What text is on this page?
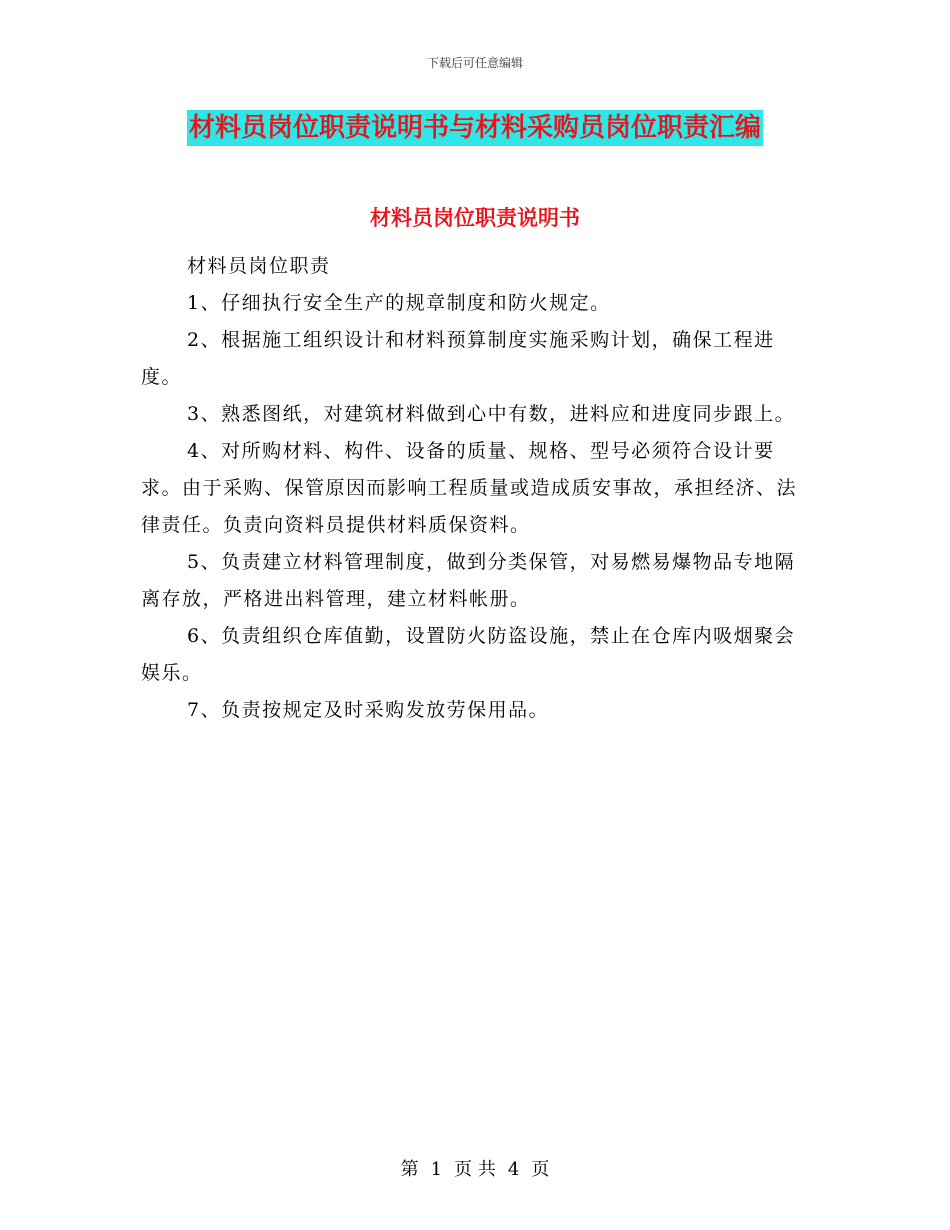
下载后可任意编辑
材料员岗位职责说明书与材料采购员岗位职责汇编
材料员岗位职责说明书

材料员岗位职责

1、仔细执行安全生产的规章制度和防火规定。

2、根据施工组织设计和材料预算制度实施采购计划，确保工程进度。

3、熟悉图纸，对建筑材料做到心中有数，进料应和进度同步跟上。

4、对所购材料、构件、设备的质量、规格、型号必须符合设计要求。由于采购、保管原因而影响工程质量或造成质安事故，承担经济、法律责任。负责向资料员提供材料质保资料。

5、负责建立材料管理制度，做到分类保管，对易燃易爆物品专地隔离存放，严格进出料管理，建立材料帐册。

6、负责组织仓库值勤，设置防火防盗设施，禁止在仓库内吸烟聚会娱乐。

7、负责按规定及时采购发放劳保用品。

第 1 页 共 4 页
